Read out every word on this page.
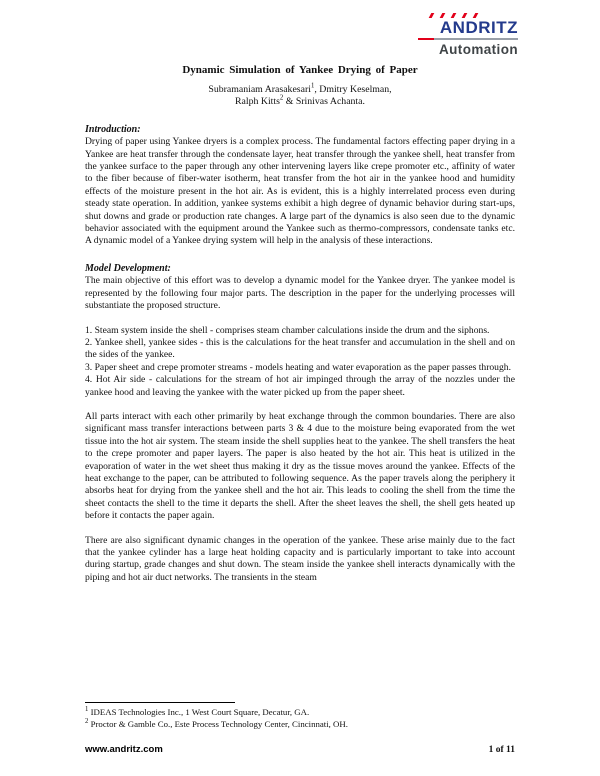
ANDRITZ
Automation
Dynamic Simulation of Yankee Drying of Paper
Subramaniam Arasakesari$^1$, Dmitry Keselman,
Ralph Kitts$^2$ & Srinivas Achanta.
Introduction:

Drying of paper using Yankee dryers is a complex process. The fundamental factors effecting paper drying in a Yankee are heat transfer through the condensate layer, heat transfer through the yankee shell, heat transfer from the yankee surface to the paper through any other intervening layers like crepe promoter etc., affinity of water to the fiber because of fiber-water isotherm, heat transfer from the hot air in the yankee hood and humidity effects of the moisture present in the hot air. As is evident, this is a highly interrelated process even during steady state operation. In addition, yankee systems exhibit a high degree of dynamic behavior during start-ups, shut downs and grade or production rate changes. A large part of the dynamics is also seen due to the dynamic behavior associated with the equipment around the Yankee such as thermo-compressors, condensate tanks etc. A dynamic model of a Yankee drying system will help in the analysis of these interactions.

Model Development:

The main objective of this effort was to develop a dynamic model for the Yankee dryer. The yankee model is represented by the following four major parts. The description in the paper for the underlying processes will substantiate the proposed structure.

1. Steam system inside the shell - comprises steam chamber calculations inside the drum and the siphons.

2. Yankee shell, yankee sides - this is the calculations for the heat transfer and accumulation in the shell and on the sides of the yankee.

3. Paper sheet and crepe promoter streams - models heating and water evaporation as the paper passes through.

4. Hot Air side - calculations for the stream of hot air impinged through the array of the nozzles under the yankee hood and leaving the yankee with the water picked up from the paper sheet.

All parts interact with each other primarily by heat exchange through the common boundaries. There are also significant mass transfer interactions between parts 3 & 4 due to the moisture being evaporated from the wet tissue into the hot air system. The steam inside the shell supplies heat to the yankee. The shell transfers the heat to the crepe promoter and paper layers. The paper is also heated by the hot air. This heat is utilized in the evaporation of water in the wet sheet thus making it dry as the tissue moves around the yankee. Effects of the heat exchange to the paper, can be attributed to following sequence. As the paper travels along the periphery it absorbs heat for drying from the yankee shell and the hot air. This leads to cooling the shell from the time the sheet contacts the shell to the time it departs the shell. After the sheet leaves the shell, the shell gets heated up before it contacts the paper again.

There are also significant dynamic changes in the operation of the yankee. These arise mainly due to the fact that the yankee cylinder has a large heat holding capacity and is particularly important to take into account during startup, grade changes and shut down. The steam inside the yankee shell interacts dynamically with the piping and hot air duct networks. The transients in the steam

$^1$ IDEAS Technologies Inc., 1 West Court Square, Decatur, GA.
$^2$ Proctor & Gamble Co., Este Process Technology Center, Cincinnati, OH.
www.andritz.com	1 of 11
